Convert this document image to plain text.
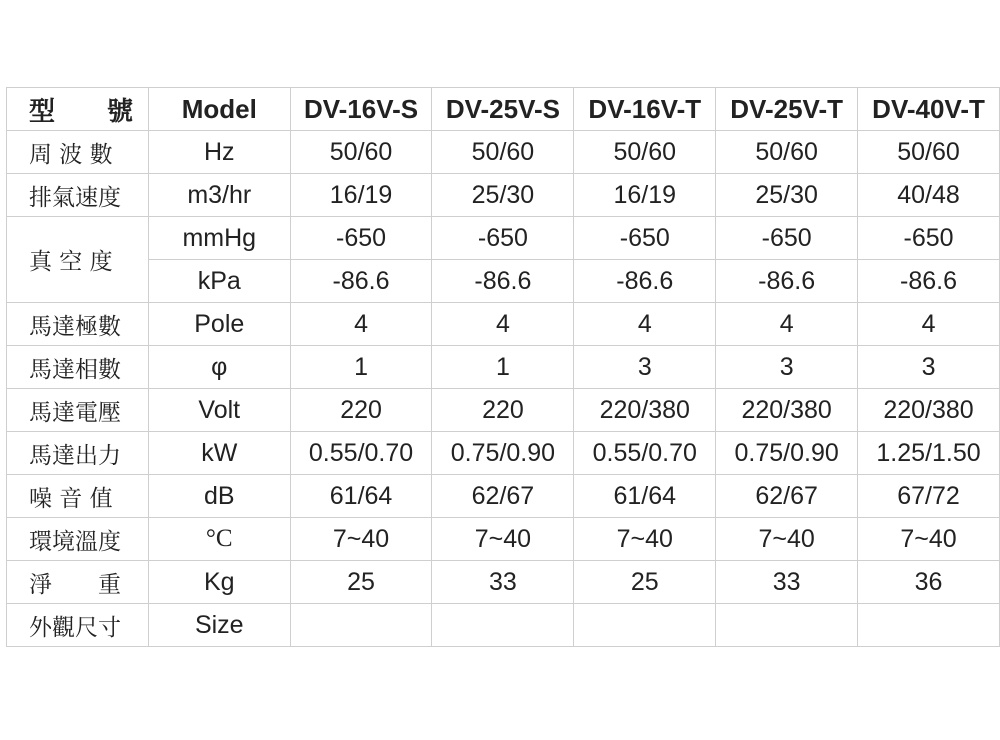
型　　號	Model	DV-16V-S	DV-25V-S	DV-16V-T	DV-25V-T	DV-40V-T
周 波 數	Hz	50/60	50/60	50/60	50/60	50/60
排氣速度	m3/hr	16/19	25/30	16/19	25/30	40/48
真 空 度	mmHg	-650	-650	-650	-650	-650
	kPa	-86.6	-86.6	-86.6	-86.6	-86.6
馬達極數	Pole	4	4	4	4	4
馬達相數	φ	1	1	3	3	3
馬達電壓	Volt	220	220	220/380	220/380	220/380
馬達出力	kW	0.55/0.70	0.75/0.90	0.55/0.70	0.75/0.90	1.25/1.50
噪 音 值	dB	61/64	62/67	61/64	62/67	67/72
環境溫度	°C	7~40	7~40	7~40	7~40	7~40
淨　　重	Kg	25	33	25	33	36
外觀尺寸	Size					
